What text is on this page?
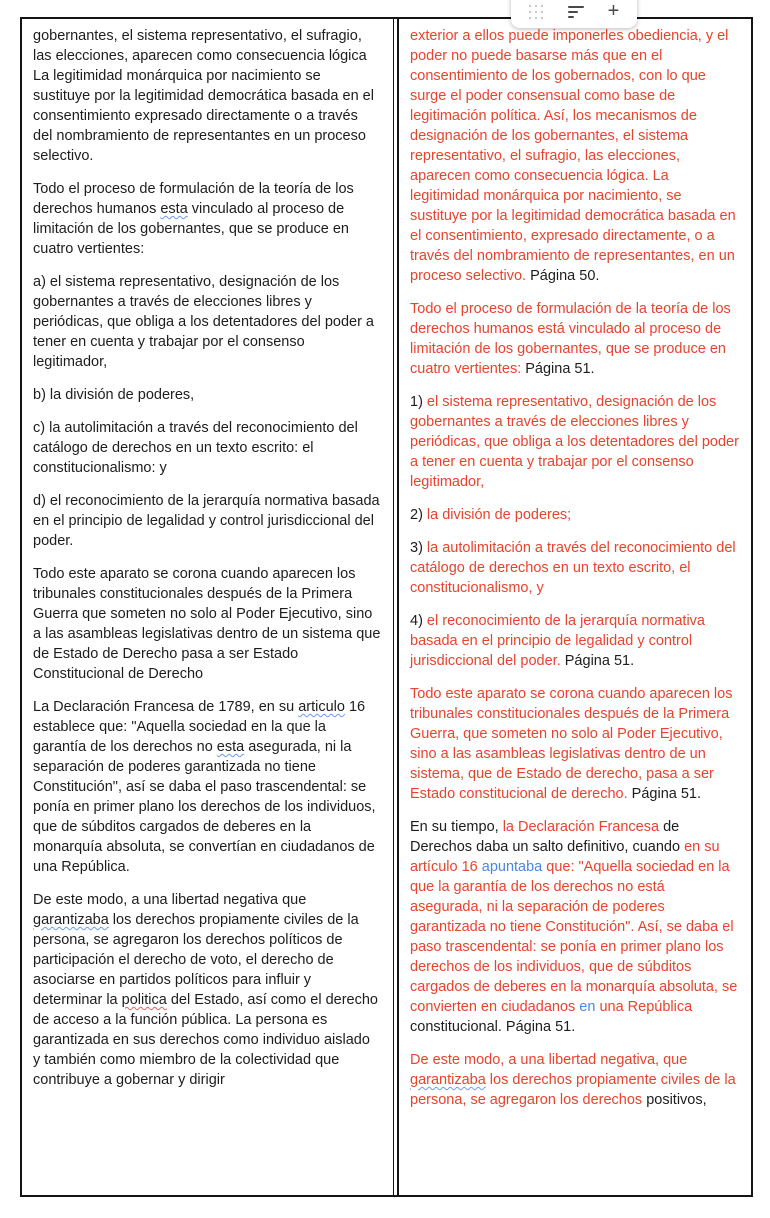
gobernantes, el sistema representativo, el sufragio, las elecciones, aparecen como consecuencia lógica La legitimidad monárquica por nacimiento se sustituye por la legitimidad democrática basada en el consentimiento expresado directamente o a través del nombramiento de representantes en un proceso selectivo.

Todo el proceso de formulación de la teoría de los derechos humanos esta vinculado al proceso de limitación de los gobernantes, que se produce en cuatro vertientes:

a) el sistema representativo, designación de los gobernantes a través de elecciones libres y periódicas, que obliga a los detentadores del poder a tener en cuenta y trabajar por el consenso legitimador,

b) la división de poderes,

c) la autolimitación a través del reconocimiento del catálogo de derechos en un texto escrito: el constitucionalismo: y

d) el reconocimiento de la jerarquía normativa basada en el principio de legalidad y control jurisdiccional del poder.

Todo este aparato se corona cuando aparecen los tribunales constitucionales después de la Primera Guerra que someten no solo al Poder Ejecutivo, sino a las asambleas legislativas dentro de un sistema que de Estado de Derecho pasa a ser Estado Constitucional de Derecho

La Declaración Francesa de 1789, en su articulo 16 establece que: "Aquella sociedad en la que la garantía de los derechos no esta asegurada, ni la separación de poderes garantizada no tiene Constitución", así se daba el paso trascendental: se ponía en primer plano los derechos de los individuos, que de súbditos cargados de deberes en la monarquía absoluta, se convertían en ciudadanos de una República.

De este modo, a una libertad negativa que garantizaba los derechos propiamente civiles de la persona, se agregaron los derechos políticos de participación el derecho de voto, el derecho de asociarse en partidos políticos para influir y determinar la politica del Estado, así como el derecho de acceso a la función pública. La persona es garantizada en sus derechos como individuo aislado y también como miembro de la colectividad que contribuye a gobernar y dirigir

exterior a ellos puede imponerles obediencia, y el poder no puede basarse más que en el consentimiento de los gobernados, con lo que surge el poder consensual como base de legitimación política. Así, los mecanismos de designación de los gobernantes, el sistema representativo, el sufragio, las elecciones, aparecen como consecuencia lógica. La legitimidad monárquica por nacimiento, se sustituye por la legitimidad democrática basada en el consentimiento, expresado directamente, o a través del nombramiento de representantes, en un proceso selectivo. Página 50.

Todo el proceso de formulación de la teoría de los derechos humanos está vinculado al proceso de limitación de los gobernantes, que se produce en cuatro vertientes: Página 51.

1) el sistema representativo, designación de los gobernantes a través de elecciones libres y periódicas, que obliga a los detentadores del poder a tener en cuenta y trabajar por el consenso legitimador,

2) la división de poderes;

3) la autolimitación a través del reconocimiento del catálogo de derechos en un texto escrito, el constitucionalismo, y

4) el reconocimiento de la jerarquía normativa basada en el principio de legalidad y control jurisdiccional del poder. Página 51.

Todo este aparato se corona cuando aparecen los tribunales constitucionales después de la Primera Guerra, que someten no solo al Poder Ejecutivo, sino a las asambleas legislativas dentro de un sistema, que de Estado de derecho, pasa a ser Estado constitucional de derecho. Página 51.

En su tiempo, la Declaración Francesa de Derechos daba un salto definitivo, cuando en su artículo 16 apuntaba que: "Aquella sociedad en la que la garantía de los derechos no está asegurada, ni la separación de poderes garantizada no tiene Constitución". Así, se daba el paso trascendental: se ponía en primer plano los derechos de los individuos, que de súbditos cargados de deberes en la monarquía absoluta, se convierten en ciudadanos en una República constitucional. Página 51.

De este modo, a una libertad negativa, que garantizaba los derechos propiamente civiles de la persona, se agregaron los derechos positivos,

+
